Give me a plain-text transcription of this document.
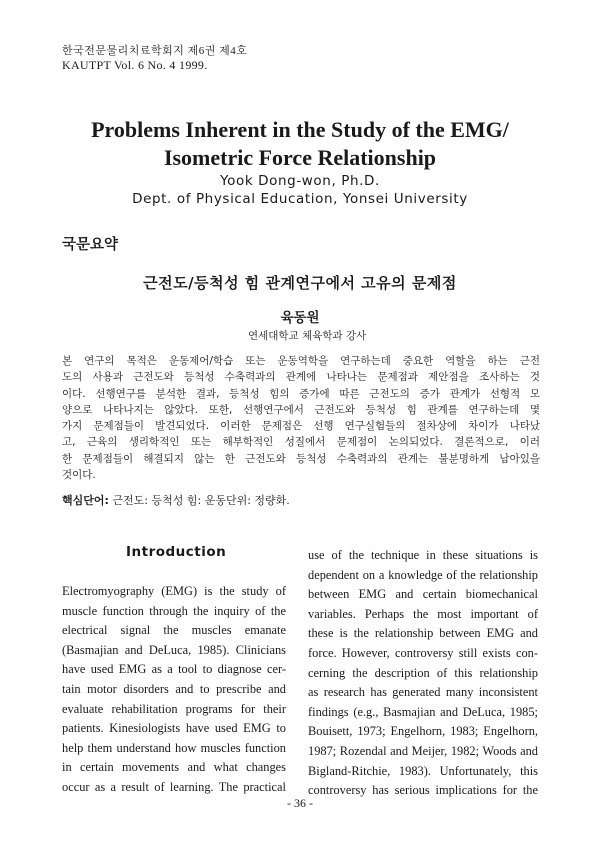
한국전문물리치료학회지 제6권 제4호
KAUTPT Vol. 6 No. 4 1999.
Problems Inherent in the Study of the EMG/
Isometric Force Relationship
Yook Dong-won, Ph.D.
Dept. of Physical Education, Yonsei University
국문요약
근전도/등척성 힘 관계연구에서 고유의 문제점
육동원
연세대학교 체육학과 강사

본 연구의 목적은 운동제어/학습 또는 운동역학을 연구하는데 중요한 역할을 하는 근전
도의 사용과 근전도와 등척성 수축력과의 관계에 나타나는 문제점과 제안점을 조사하는 것
이다. 선행연구를 분석한 결과, 등척성 힘의 증가에 따른 근전도의 증가 관계가 선형적 모
양으로 나타나지는 않았다. 또한, 선행연구에서 근전도와 등척성 힘 관계를 연구하는데 몇
가지 문제점들이 발견되었다. 이러한 문제점은 선행 연구실험들의 절차상에 차이가 나타났
고, 근육의 생리학적인 또는 해부학적인 성질에서 문제점이 논의되었다. 결론적으로, 이러
한 문제점들이 해결되지 않는 한 근전도와 등척성 수축력과의 관계는 불분명하게 남아있을
것이다.

핵심단어: 근전도: 등척성 힘: 운동단위: 정량화.
Introduction

Electromyography (EMG) is the study of
muscle function through the inquiry of the
electrical signal the muscles emanate
(Basmajian and DeLuca, 1985). Clinicians
have used EMG as a tool to diagnose cer-
tain motor disorders and to prescribe and
evaluate rehabilitation programs for their
patients. Kinesiologists have used EMG to
help them understand how muscles function
in certain movements and what changes
occur as a result of learning. The practical

use of the technique in these situations is
dependent on a knowledge of the relationship
between EMG and certain biomechanical
variables. Perhaps the most important of
these is the relationship between EMG and
force. However, controversy still exists con-
cerning the description of this relationship
as research has generated many inconsistent
findings (e.g., Basmajian and DeLuca, 1985;
Bouisett, 1973; Engelhorn, 1983; Engelhorn,
1987; Rozendal and Meijer, 1982; Woods and
Bigland-Ritchie, 1983). Unfortunately, this
controversy has serious implications for the

- 36 -
